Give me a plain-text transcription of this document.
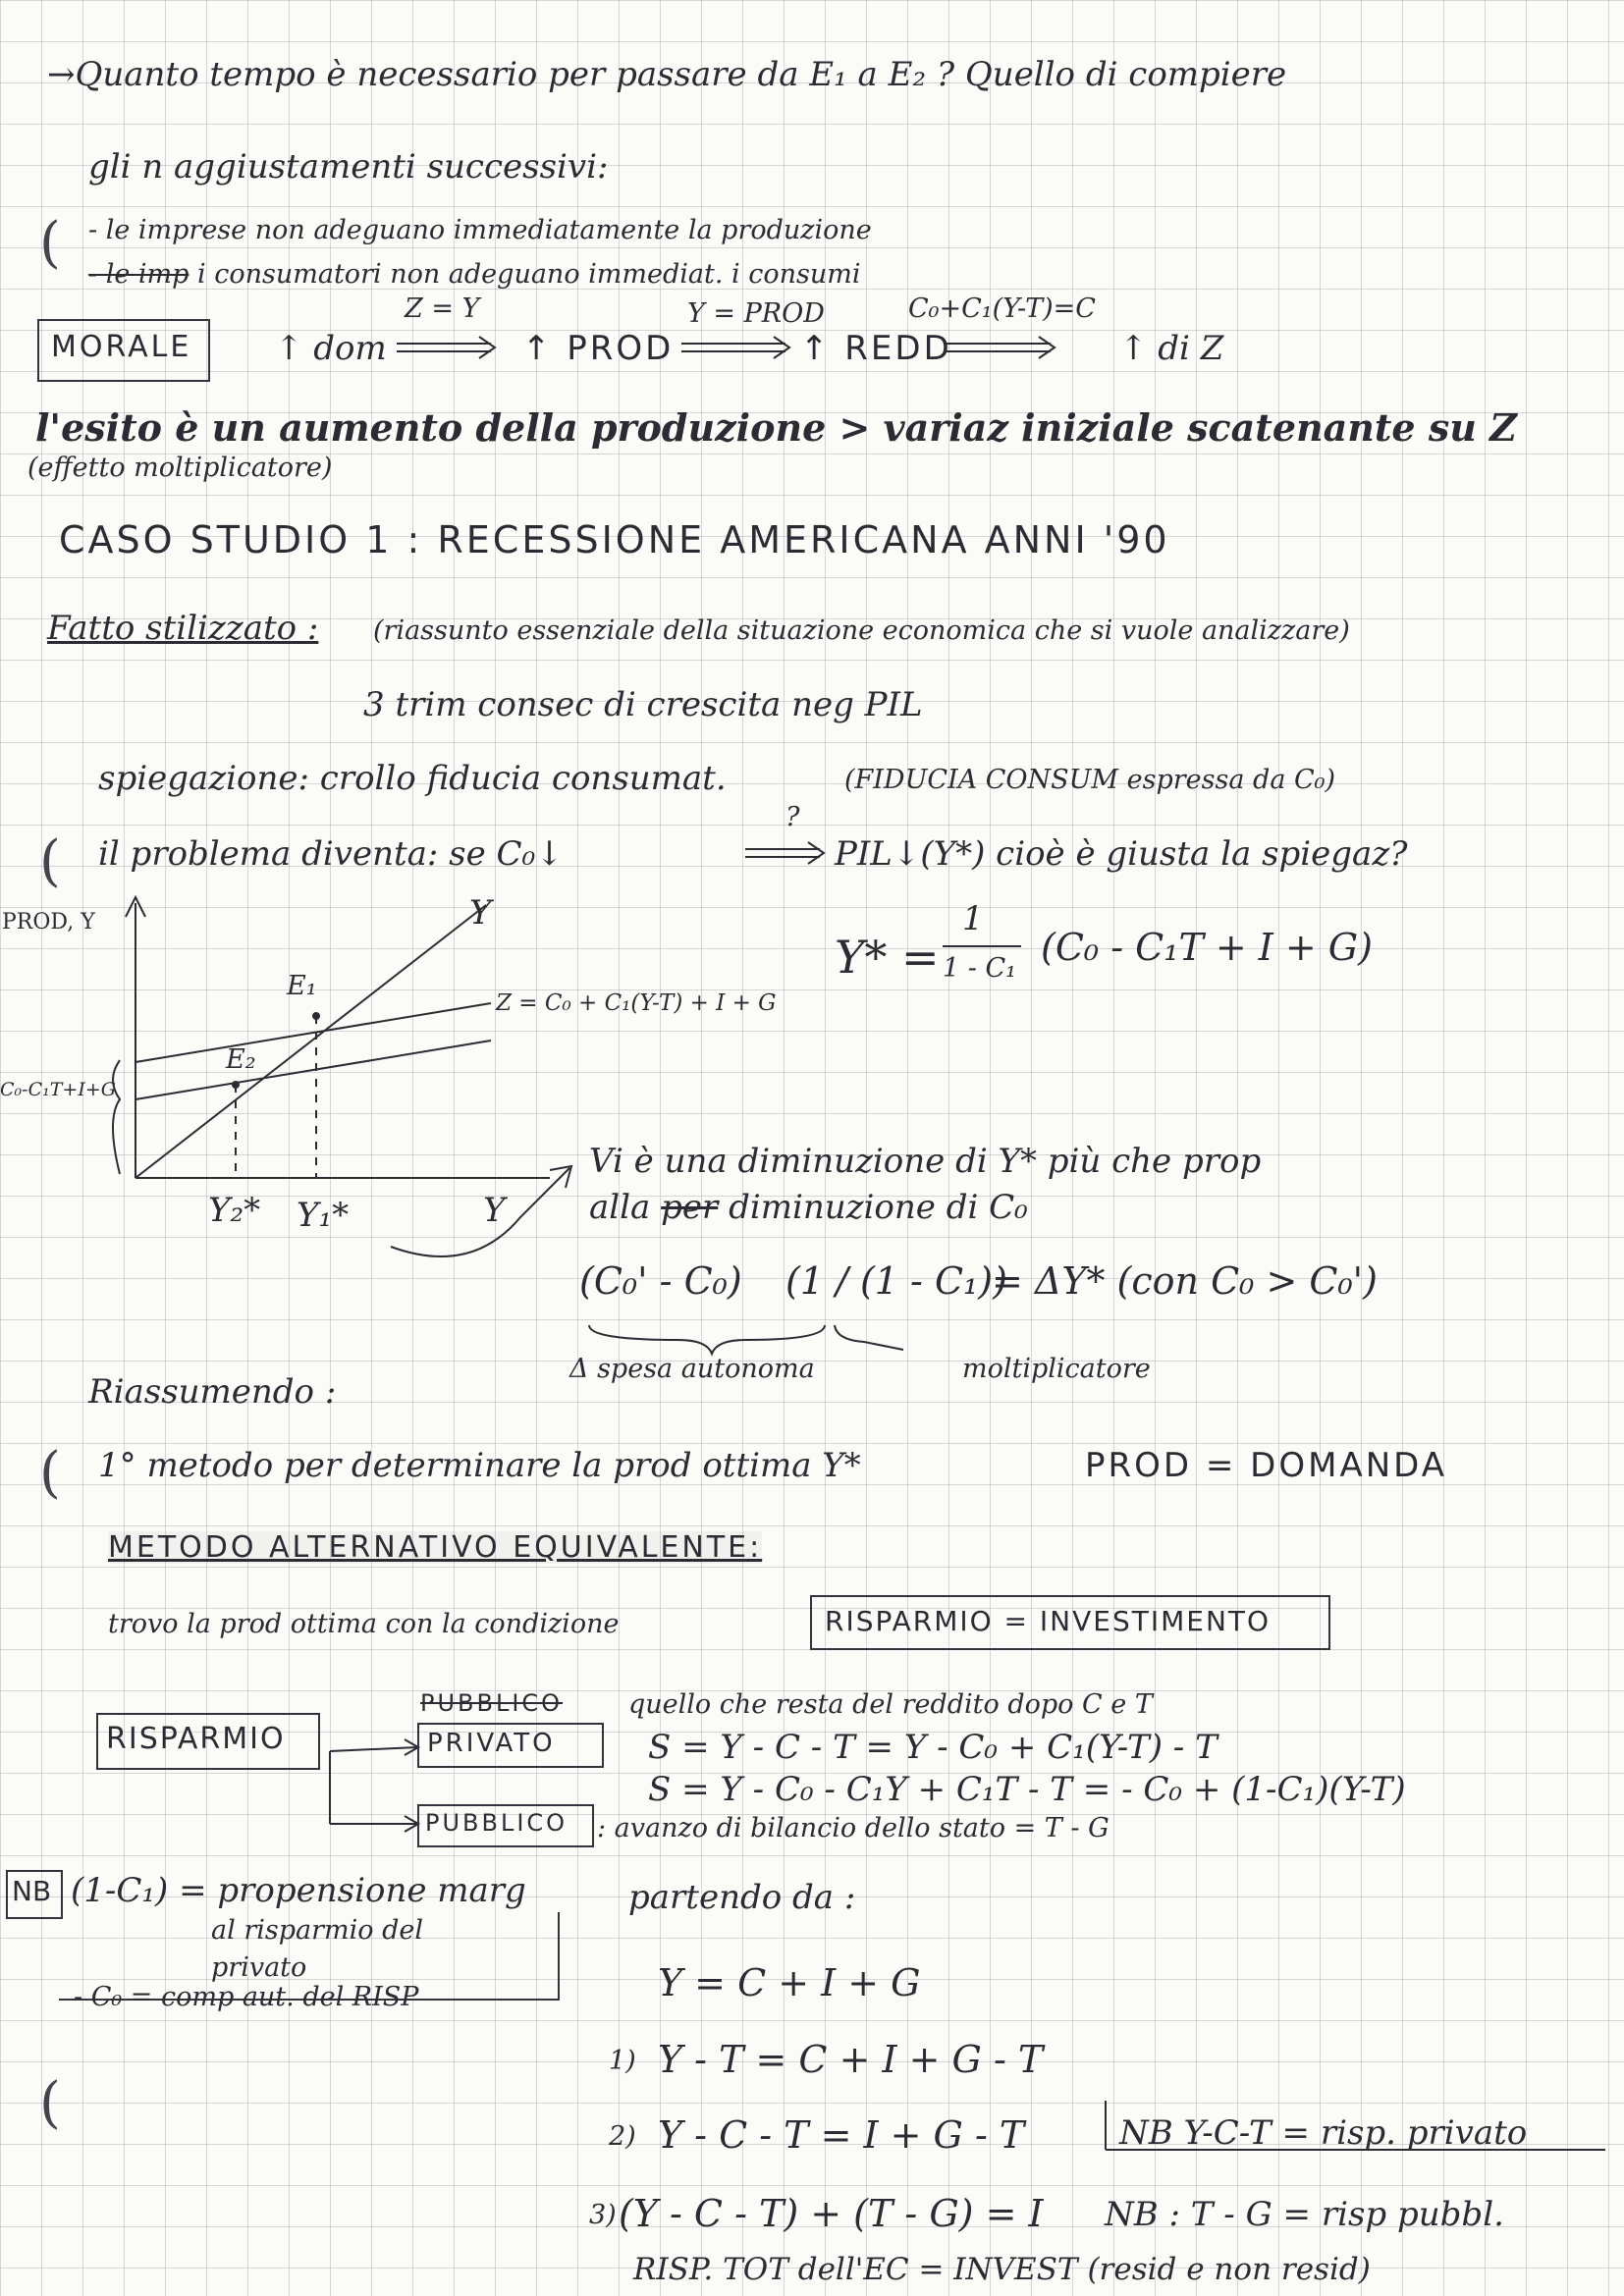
→Quanto tempo è necessario per passare da E₁ a E₂ ? Quello di compiere
gli n aggiustamenti successivi:
( - le imprese non adeguano immediatamente la produzione
- le imp i consumatori non adeguano immediat. i consumi
MORALE ↑ dom
Z = Y
↑ PROD
Y = PROD
↑ REDD
C₀+C₁(Y-T)=C
↑ di Z
l'esito è un aumento della produzione > variaz iniziale scatenante su Z
(effetto moltiplicatore)
CASO STUDIO 1 : RECESSIONE AMERICANA ANNI '90
Fatto stilizzato : (riassunto essenziale della situazione economica che si vuole analizzare)
3 trim consec di crescita neg PIL
spiegazione: crollo fiducia consumat.	(FIDUCIA CONSUM espressa da C₀)
( il problema diventa: se C₀↓
?
PIL↓(Y*) cioè è giusta la spiegaz?
Y* =
1
1 - C₁ (C₀ - C₁T + I + G)
PROD, Y	Y
Z = C₀ + C₁(Y-T) + I + G
C₀-C₁T+I+G
E₁
E₂
Y₂* Y₁*	Y
Vi è una diminuzione di Y* più che prop
alla per diminuzione di C₀
(C₀' - C₀) (1 / (1 - C₁))
= ΔY* (con C₀ > C₀')
Δ spesa autonoma	moltiplicatore
Riassumendo :
( 1° metodo per determinare la prod ottima Y*	PROD = DOMANDA
METODO ALTERNATIVO EQUIVALENTE:
trovo la prod ottima con la condizione	RISPARMIO = INVESTIMENTO
RISPARMIO
PUBBLICO
PRIVATO
quello che resta del reddito dopo C e T
S = Y - C - T = Y - C₀ + C₁(Y-T) - T
S = Y - C₀ - C₁Y + C₁T - T = - C₀ + (1-C₁)(Y-T)
PUBBLICO : avanzo di bilancio dello stato = T - G
NB (1-C₁) = propensione marg
al risparmio del
privato
- C₀ = comp aut. del RISP
(
partendo da :
Y = C + I + G
1) Y - T = C + I + G - T
2) Y - C - T = I + G - T
3) (Y - C - T) + (T - G) = I
NB Y-C-T = risp. privato
NB : T - G = risp pubbl.
RISP. TOT dell'EC = INVEST (resid e non resid)
